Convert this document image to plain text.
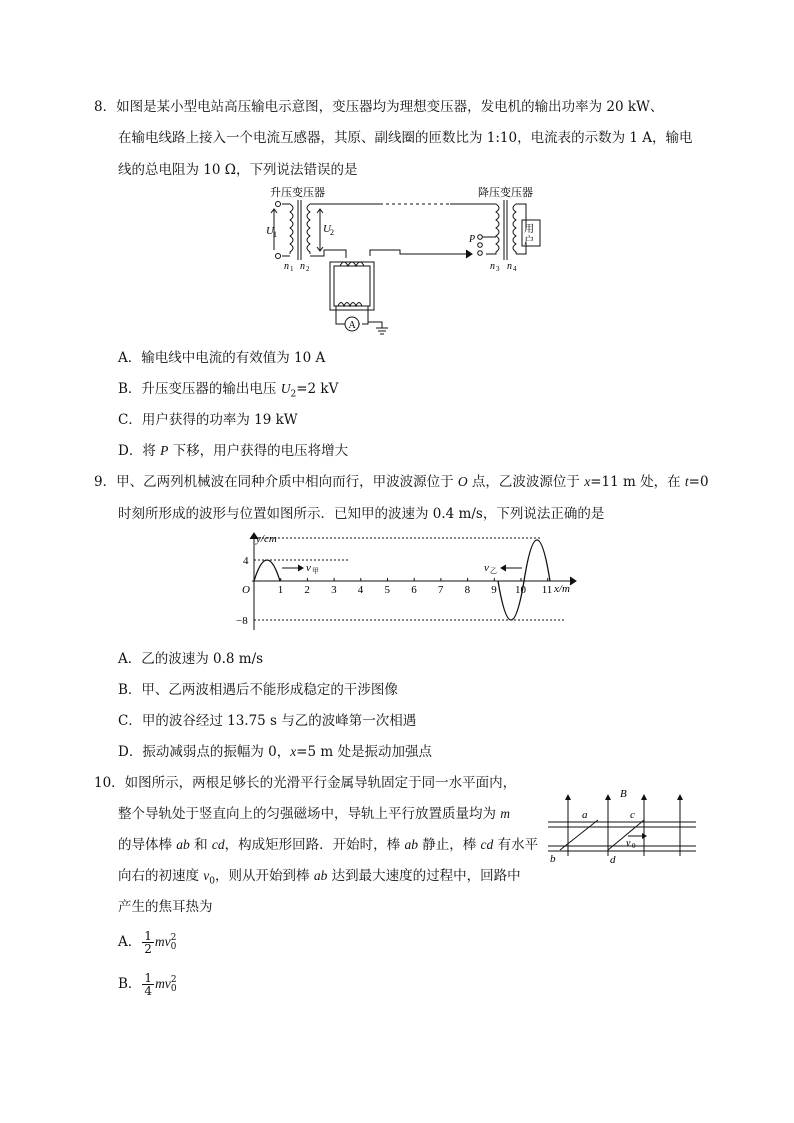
8．如图是某小型电站高压输电示意图，变压器均为理想变压器，发电机的输出功率为 20 kW、
在输电线路上接入一个电流互感器，其原、副线圈的匝数比为 1:10，电流表的示数为 1 A，输电
线的总电阻为 10 Ω，下列说法错误的是
升压变压器	降压变压器
U 1	U 2
n 1 n 2
A
P
用
户
n 3 n 4
A．输电线中电流的有效值为 10 A
B．升压变压器的输出电压 $U_2=2$ kV
C．用户获得的功率为 19 kW
D．将 P 下移，用户获得的电压将增大
9．甲、乙两列机械波在同种介质中相向而行，甲波波源位于 O 点，乙波波源位于 x=11 m 处，在 t=0
时刻所形成的波形与位置如图所示．已知甲的波速为 0.4 m/s，下列说法正确的是
1 2 3 4 5 6 7 8 9 10 11
y/cm
x/m
O
4
−8
v 甲	v 乙
A．乙的波速为 0.8 m/s
B．甲、乙两波相遇后不能形成稳定的干涉图像
C．甲的波谷经过 13.75 s 与乙的波峰第一次相遇
D．振动减弱点的振幅为 0，x=5 m 处是振动加强点
10．如图所示，两根足够长的光滑平行金属导轨固定于同一水平面内，
整个导轨处于竖直向上的匀强磁场中，导轨上平行放置质量均为 m
的导体棒 ab 和 cd，构成矩形回路．开始时，棒 ab 静止，棒 cd 有水平
向右的初速度 $v_0$，则从开始到棒 ab 达到最大速度的过程中，回路中
产生的焦耳热为
B
a	c
b	d
v 0
A． $\frac{1}{2}$ mv 2
0
B． $\frac{1}{4}$ mv 2
0
